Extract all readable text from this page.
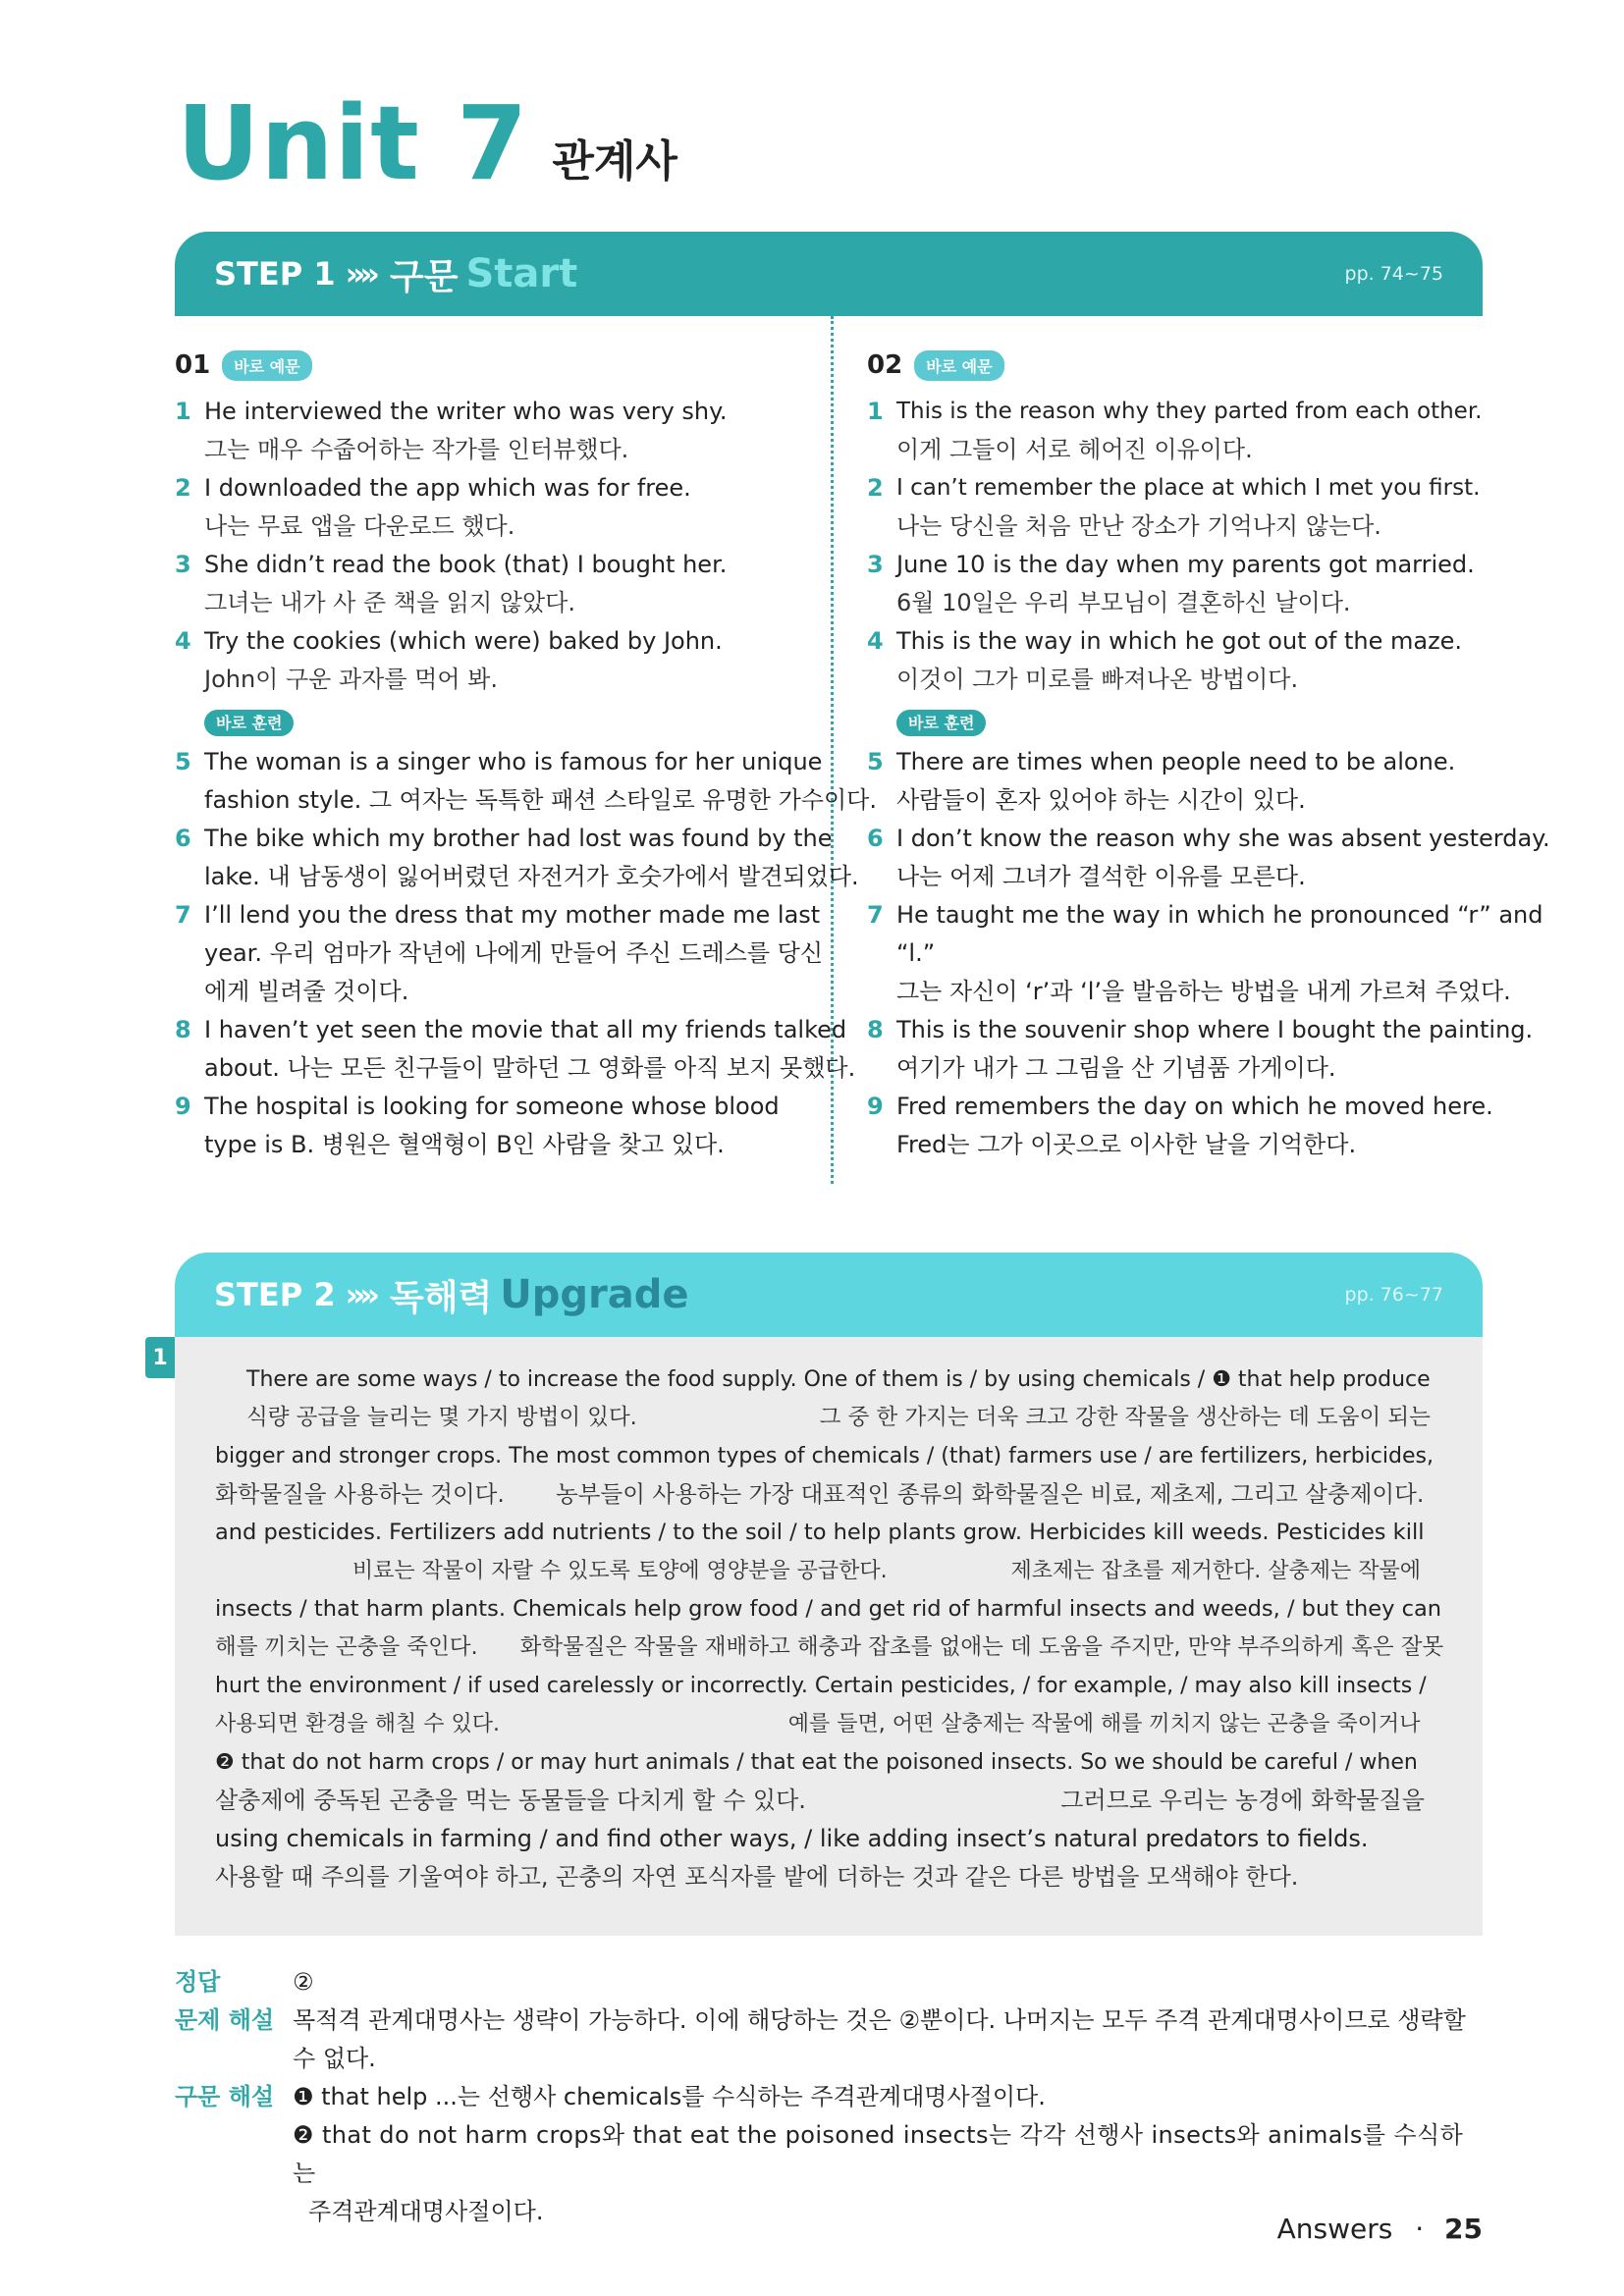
Unit 7 관계사
STEP 1 »» 구문 Start	pp. 74~75
01	바로 예문
1 He interviewed the writer who was very shy.
그는 매우 수줍어하는 작가를 인터뷰했다.
2 I downloaded the app which was for free.
나는 무료 앱을 다운로드 했다.
3 She didn’t read the book (that) I bought her.
그녀는 내가 사 준 책을 읽지 않았다.
4 Try the cookies (which were) baked by John.
John이 구운 과자를 먹어 봐.
바로 훈련
5 The woman is a singer who is famous for her unique
fashion style. 그 여자는 독특한 패션 스타일로 유명한 가수이다.
6 The bike which my brother had lost was found by the
lake. 내 남동생이 잃어버렸던 자전거가 호숫가에서 발견되었다.
7 I’ll lend you the dress that my mother made me last
year. 우리 엄마가 작년에 나에게 만들어 주신 드레스를 당신
에게 빌려줄 것이다.
8 I haven’t yet seen the movie that all my friends talked
about. 나는 모든 친구들이 말하던 그 영화를 아직 보지 못했다.
9 The hospital is looking for someone whose blood
type is B. 병원은 혈액형이 B인 사람을 찾고 있다.
02	바로 예문
1 This is the reason why they parted from each other.
이게 그들이 서로 헤어진 이유이다.
2 I can’t remember the place at which I met you first.
나는 당신을 처음 만난 장소가 기억나지 않는다.
3 June 10 is the day when my parents got married.
6월 10일은 우리 부모님이 결혼하신 날이다.
4 This is the way in which he got out of the maze.
이것이 그가 미로를 빠져나온 방법이다.
바로 훈련
5 There are times when people need to be alone.
사람들이 혼자 있어야 하는 시간이 있다.
6 I don’t know the reason why she was absent yesterday.
나는 어제 그녀가 결석한 이유를 모른다.
7 He taught me the way in which he pronounced “r” and
“l.”
그는 자신이 ‘r’과 ‘l’을 발음하는 방법을 내게 가르쳐 주었다.
8 This is the souvenir shop where I bought the painting.
여기가 내가 그 그림을 산 기념품 가게이다.
9 Fred remembers the day on which he moved here.
Fred는 그가 이곳으로 이사한 날을 기억한다.
STEP 2 »» 독해력 Upgrade	pp. 76~77
1
There are some ways / to increase the food supply. One of them is / by using chemicals / ❶ that help produce
식량 공급을 늘리는 몇 가지 방법이 있다.                          그 중 한 가지는 더욱 크고 강한 작물을 생산하는 데 도움이 되는
bigger and stronger crops. The most common types of chemicals / (that) farmers use / are fertilizers, herbicides,
화학물질을 사용하는 것이다.       농부들이 사용하는 가장 대표적인 종류의 화학물질은 비료, 제초제, 그리고 살충제이다.
and pesticides. Fertilizers add nutrients / to the soil / to help plants grow. Herbicides kill weeds. Pesticides kill
비료는 작물이 자랄 수 있도록 토양에 영양분을 공급한다.                  제초제는 잡초를 제거한다. 살충제는 작물에
insects / that harm plants. Chemicals help grow food / and get rid of harmful insects and weeds, / but they can
해를 끼치는 곤충을 죽인다.      화학물질은 작물을 재배하고 해충과 잡초를 없애는 데 도움을 주지만, 만약 부주의하게 혹은 잘못
hurt the environment / if used carelessly or incorrectly. Certain pesticides, / for example, / may also kill insects /
사용되면 환경을 해칠 수 있다.                                          예를 들면, 어떤 살충제는 작물에 해를 끼치지 않는 곤충을 죽이거나
❷ that do not harm crops / or may hurt animals / that eat the poisoned insects. So we should be careful / when
살충제에 중독된 곤충을 먹는 동물들을 다치게 할 수 있다.                                  그러므로 우리는 농경에 화학물질을
using chemicals in farming / and find other ways, / like adding insect’s natural predators to fields.
사용할 때 주의를 기울여야 하고, 곤충의 자연 포식자를 밭에 더하는 것과 같은 다른 방법을 모색해야 한다.
정답	②
문제 해설 목적격 관계대명사는 생략이 가능하다. 이에 해당하는 것은 ②뿐이다. 나머지는 모두 주격 관계대명사이므로 생략할 수 없다.
구문 해설 ❶ that help ...는 선행사 chemicals를 수식하는 주격관계대명사절이다.
❷ that do not harm crops와 that eat the poisoned insects는 각각 선행사 insects와 animals를 수식하는
주격관계대명사절이다.
Answers · 25
